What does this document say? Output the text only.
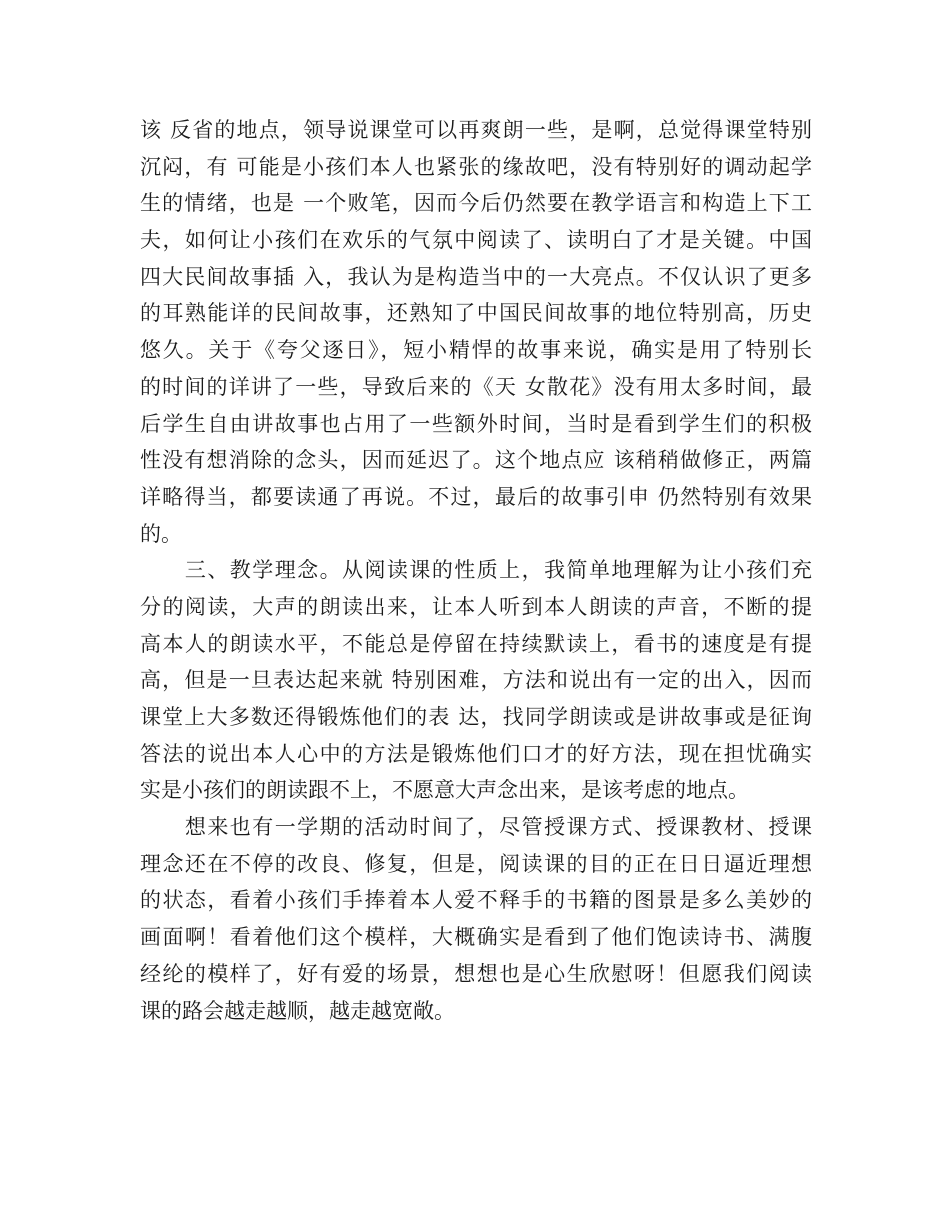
该 反省的地点，领导说课堂可以再爽朗一些，是啊，总觉得课堂特别
沉闷，有 可能是小孩们本人也紧张的缘故吧，没有特别好的调动起学
生的情绪，也是 一个败笔，因而今后仍然要在教学语言和构造上下工
夫，如何让小孩们在欢乐的气氛中阅读了、读明白了才是关键。中国
四大民间故事插 入，我认为是构造当中的一大亮点。不仅认识了更多
的耳熟能详的民间故事，还熟知了中国民间故事的地位特别高，历史
悠久。关于《夸父逐日》，短小精悍的故事来说，确实是用了特别长
的时间的详讲了一些，导致后来的《天 女散花》没有用太多时间，最
后学生自由讲故事也占用了一些额外时间，当时是看到学生们的积极
性没有想消除的念头，因而延迟了。这个地点应 该稍稍做修正，两篇
详略得当，都要读通了再说。不过，最后的故事引申 仍然特别有效果
的。
　　三、教学理念。从阅读课的性质上，我简单地理解为让小孩们充
分的阅读，大声的朗读出来，让本人听到本人朗读的声音，不断的提
高本人的朗读水平，不能总是停留在持续默读上，看书的速度是有提
高，但是一旦表达起来就 特别困难，方法和说出有一定的出入，因而
课堂上大多数还得锻炼他们的表 达，找同学朗读或是讲故事或是征询
答法的说出本人心中的方法是锻炼他们口才的好方法，现在担忧确实
实是小孩们的朗读跟不上，不愿意大声念出来，是该考虑的地点。
　　想来也有一学期的活动时间了，尽管授课方式、授课教材、授课
理念还在不停的改良、修复，但是，阅读课的目的正在日日逼近理想
的状态，看着小孩们手捧着本人爱不释手的书籍的图景是多么美妙的
画面啊！看着他们这个模样，大概确实是看到了他们饱读诗书、满腹
经纶的模样了，好有爱的场景，想想也是心生欣慰呀！但愿我们阅读
课的路会越走越顺，越走越宽敞。
